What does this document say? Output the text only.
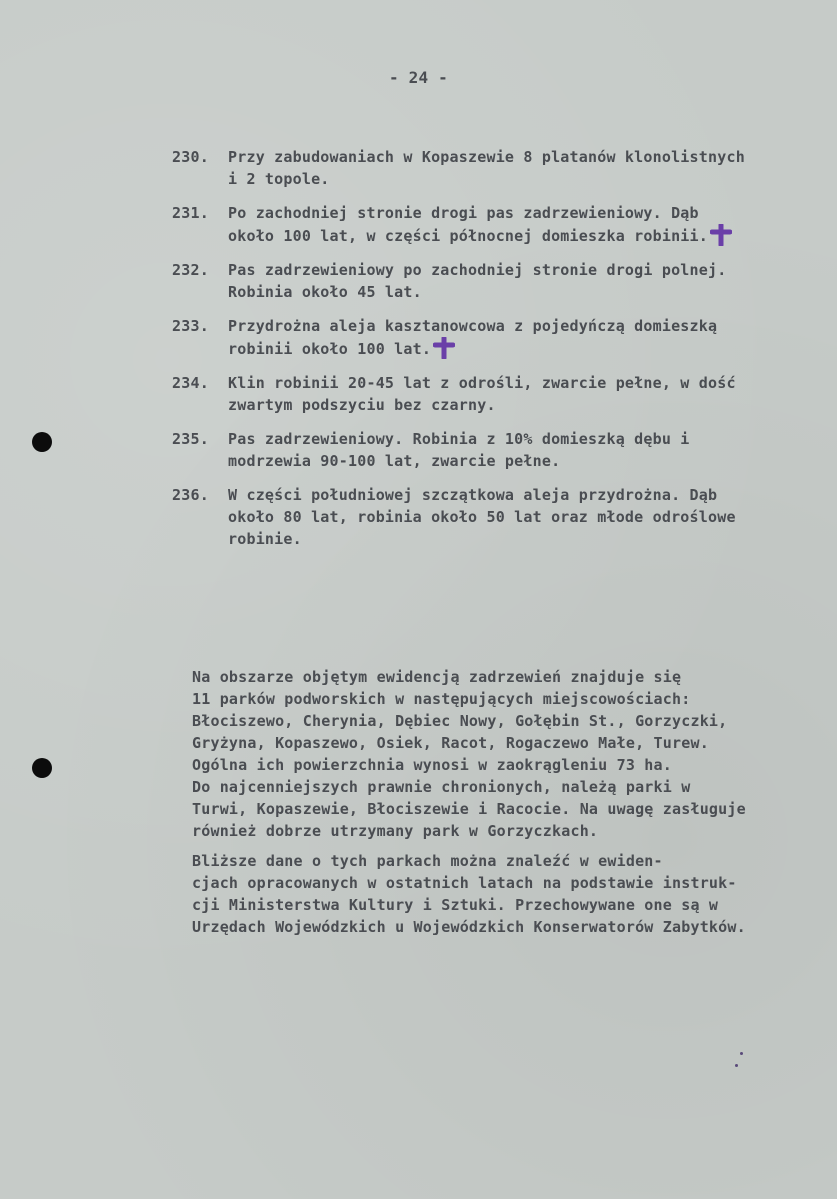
- 24 -
230.	Przy zabudowaniach w Kopaszewie 8 platanów klonolistnych
i 2 topole.
231.	Po zachodniej stronie drogi pas zadrzewieniowy. Dąb
około 100 lat, w części północnej domieszka robinii.
232.	Pas zadrzewieniowy po zachodniej stronie drogi polnej.
Robinia około 45 lat.
233.	Przydrożna aleja kasztanowcowa z pojedyńczą domieszką
robinii około 100 lat.
234.	Klin robinii 20-45 lat z odrośli, zwarcie pełne, w dość
zwartym podszyciu bez czarny.
235.	Pas zadrzewieniowy. Robinia z 10% domieszką dębu i
modrzewia 90-100 lat, zwarcie pełne.
236.	W części południowej szczątkowa aleja przydrożna. Dąb
około 80 lat, robinia około 50 lat oraz młode odroślowe
robinie.
Na obszarze objętym ewidencją zadrzewień znajduje się
11 parków podworskich w następujących miejscowościach:
Błociszewo, Cherynia, Dębiec Nowy, Gołębin St., Gorzyczki,
Gryżyna, Kopaszewo, Osiek, Racot, Rogaczewo Małe, Turew.
Ogólna ich powierzchnia wynosi w zaokrągleniu 73 ha.
Do najcenniejszych prawnie chronionych, należą parki w
Turwi, Kopaszewie, Błociszewie i Racocie. Na uwagę zasługuje
również dobrze utrzymany park w Gorzyczkach.
Bliższe dane o tych parkach można znaleźć w ewiden-
cjach opracowanych w ostatnich latach na podstawie instruk-
cji Ministerstwa Kultury i Sztuki. Przechowywane one są w
Urzędach Wojewódzkich u Wojewódzkich Konserwatorów Zabytków.
